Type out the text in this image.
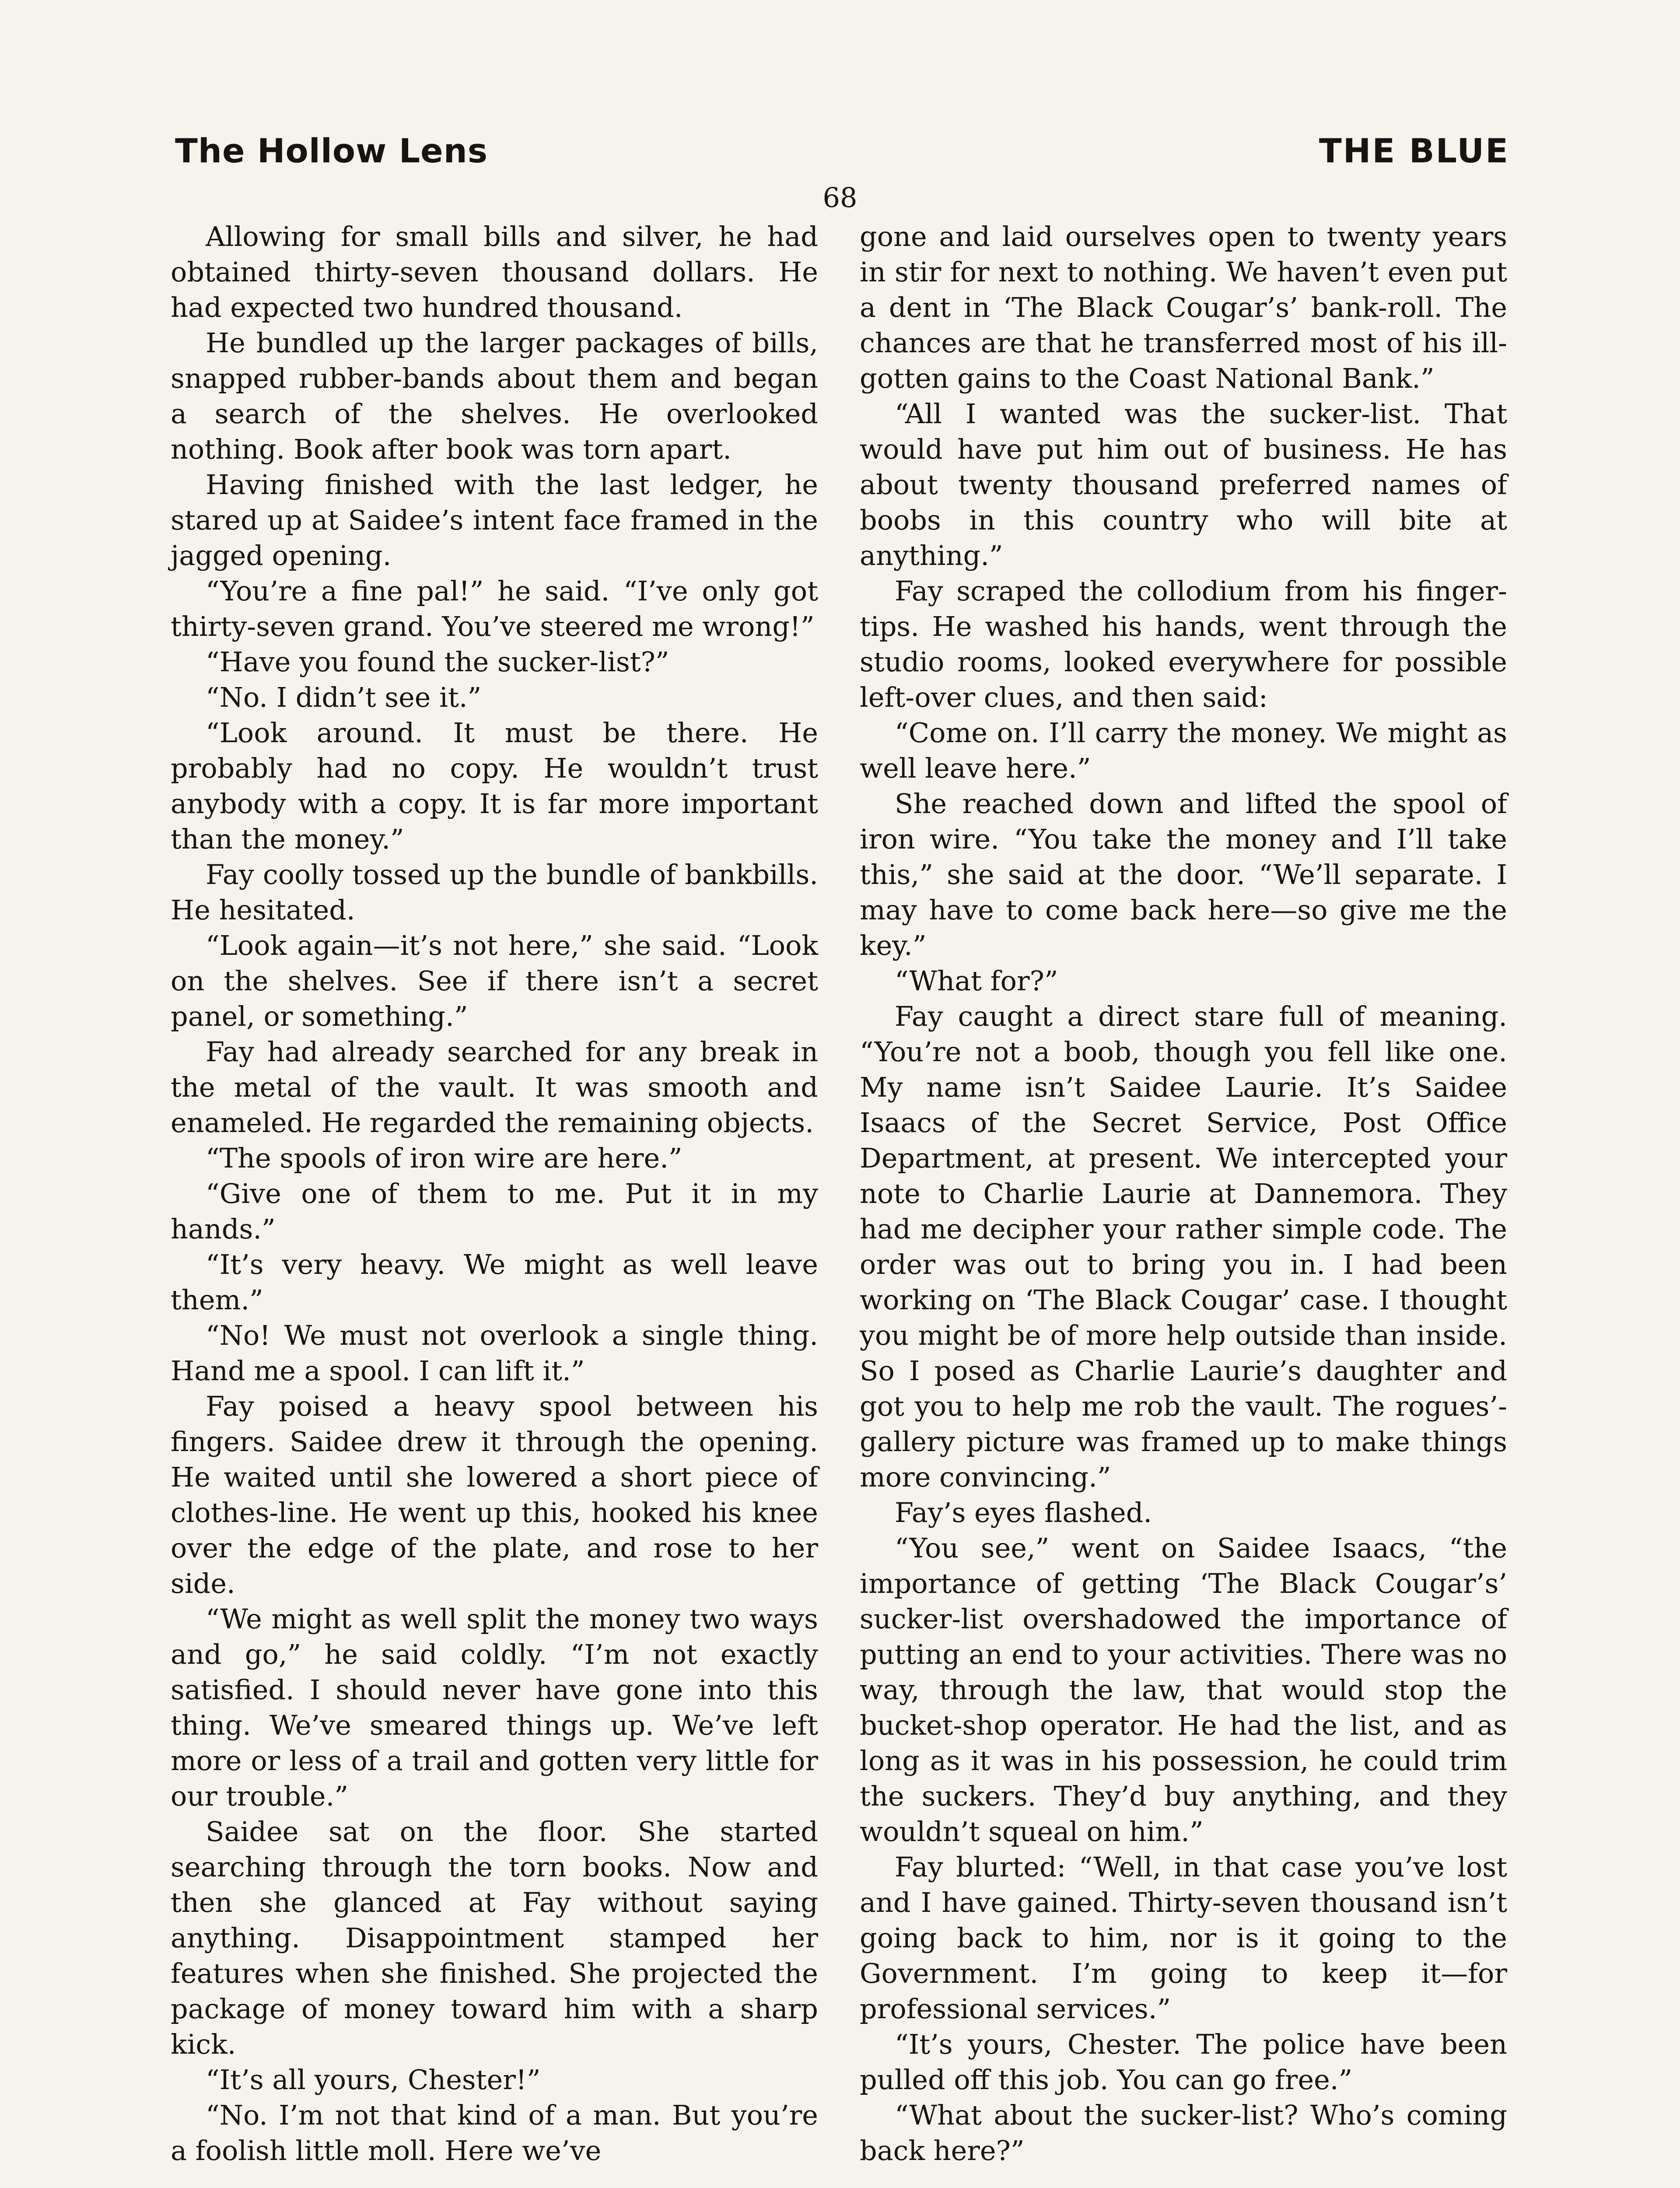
The Hollow Lens	THE BLUE
68

Allowing for small bills and silver, he had obtained thirty-seven thousand dollars. He had expected two hundred thousand.

He bundled up the larger packages of bills, snapped rubber-bands about them and began a search of the shelves. He overlooked nothing. Book after book was torn apart.

Having finished with the last ledger, he stared up at Saidee’s intent face framed in the jagged opening.

“You’re a fine pal!” he said. “I’ve only got thirty-seven grand. You’ve steered me wrong!”

“Have you found the sucker-list?”

“No. I didn’t see it.”

“Look around. It must be there. He probably had no copy. He wouldn’t trust anybody with a copy. It is far more important than the money.”

Fay coolly tossed up the bundle of bankbills. He hesitated.

“Look again—it’s not here,” she said. “Look on the shelves. See if there isn’t a secret panel, or something.”

Fay had already searched for any break in the metal of the vault. It was smooth and enameled. He regarded the remaining objects.

“The spools of iron wire are here.”

“Give one of them to me. Put it in my hands.”

“It’s very heavy. We might as well leave them.”

“No! We must not overlook a single thing. Hand me a spool. I can lift it.”

Fay poised a heavy spool between his fingers. Saidee drew it through the opening. He waited until she lowered a short piece of clothes-line. He went up this, hooked his knee over the edge of the plate, and rose to her side.

“We might as well split the money two ways and go,” he said coldly. “I’m not exactly satisfied. I should never have gone into this thing. We’ve smeared things up. We’ve left more or less of a trail and gotten very little for our trouble.”

Saidee sat on the floor. She started searching through the torn books. Now and then she glanced at Fay without saying anything. Disappointment stamped her features when she finished. She projected the package of money toward him with a sharp kick.

“It’s all yours, Chester!”

“No. I’m not that kind of a man. But you’re a foolish little moll. Here we’ve

gone and laid ourselves open to twenty years in stir for next to nothing. We haven’t even put a dent in ‘The Black Cougar’s’ bank-roll. The chances are that he transferred most of his ill-gotten gains to the Coast National Bank.”

“All I wanted was the sucker-list. That would have put him out of business. He has about twenty thousand preferred names of boobs in this country who will bite at anything.”

Fay scraped the collodium from his finger-tips. He washed his hands, went through the studio rooms, looked everywhere for possible left-over clues, and then said:

“Come on. I’ll carry the money. We might as well leave here.”

She reached down and lifted the spool of iron wire. “You take the money and I’ll take this,” she said at the door. “We’ll separate. I may have to come back here—so give me the key.”

“What for?”

Fay caught a direct stare full of meaning. “You’re not a boob, though you fell like one. My name isn’t Saidee Laurie. It’s Saidee Isaacs of the Secret Service, Post Office Department, at present. We intercepted your note to Charlie Laurie at Dannemora. They had me decipher your rather simple code. The order was out to bring you in. I had been working on ‘The Black Cougar’ case. I thought you might be of more help outside than inside. So I posed as Charlie Laurie’s daughter and got you to help me rob the vault. The rogues’-gallery picture was framed up to make things more convincing.”

Fay’s eyes flashed.

“You see,” went on Saidee Isaacs, “the importance of getting ‘The Black Cougar’s’ sucker-list overshadowed the importance of putting an end to your activities. There was no way, through the law, that would stop the bucket-shop operator. He had the list, and as long as it was in his possession, he could trim the suckers. They’d buy anything, and they wouldn’t squeal on him.”

Fay blurted: “Well, in that case you’ve lost and I have gained. Thirty-seven thousand isn’t going back to him, nor is it going to the Government. I’m going to keep it—for professional services.”

“It’s yours, Chester. The police have been pulled off this job. You can go free.”

“What about the sucker-list? Who’s coming back here?”
